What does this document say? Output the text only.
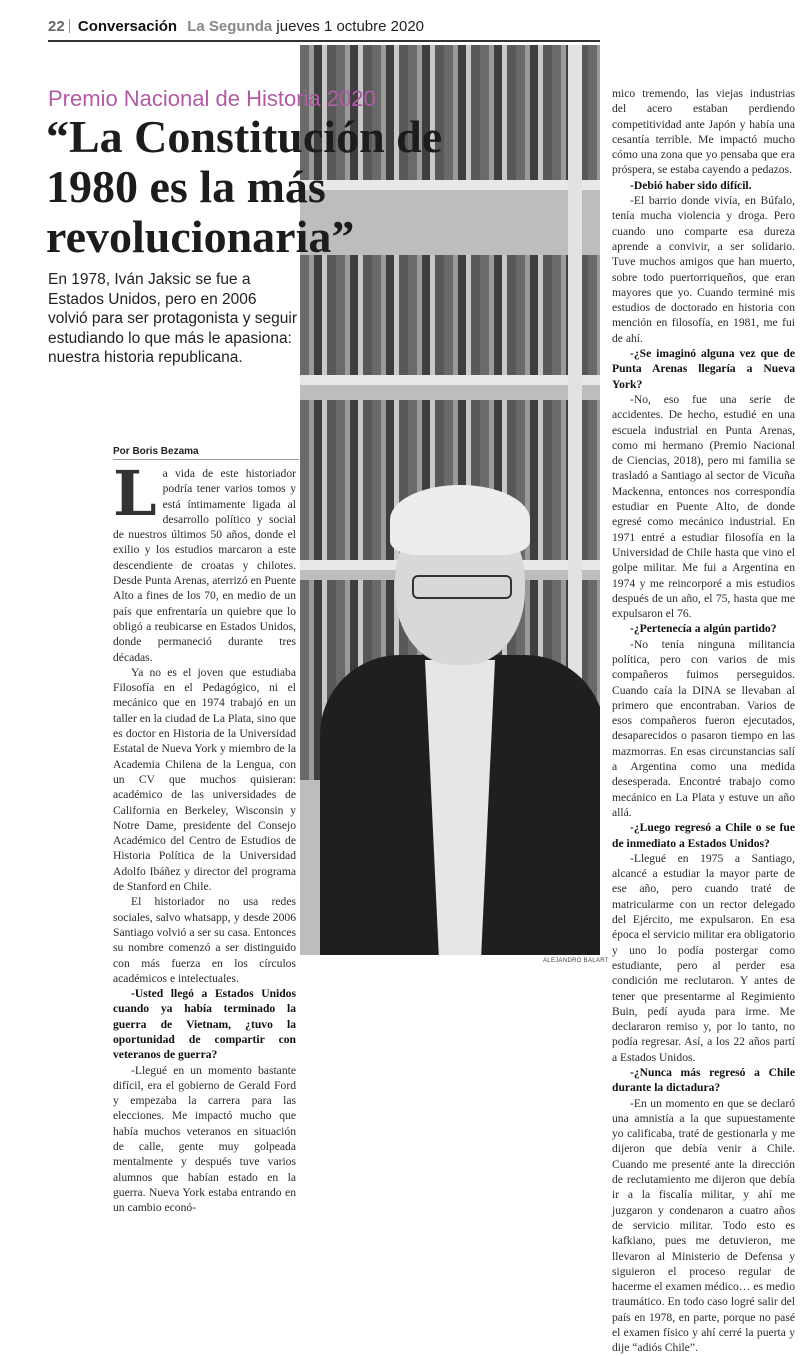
22 Conversación La Segunda jueves 1 octubre 2020
ALEJANDRO BALART
Premio Nacional de Historia 2020
“La Constitución de 1980 es la más revolucionaria”
En 1978, Iván Jaksic se fue a Estados Unidos, pero en 2006 volvió para ser protagonista y seguir estudiando lo que más le apasiona: nuestra historia republicana.
Por Boris Bezama
L a vida de este historiador podría tener varios tomos y está íntimamente ligada al desarrollo político y social de nuestros últimos 50 años, donde el exilio y los estudios marcaron a este descendiente de croatas y chilotes. Desde Punta Arenas, aterrizó en Puente Alto a fines de los 70, en medio de un país que enfrentaría un quiebre que lo obligó a reubicarse en Estados Unidos, donde permaneció durante tres décadas.

Ya no es el joven que estudiaba Filosofía en el Pedagógico, ni el mecánico que en 1974 trabajó en un taller en la ciudad de La Plata, sino que es doctor en Historia de la Universidad Estatal de Nueva York y miembro de la Academia Chilena de la Lengua, con un CV que muchos quisieran: académico de las universidades de California en Berkeley, Wisconsin y Notre Dame, presidente del Consejo Académico del Centro de Estudios de Historia Política de la Universidad Adolfo Ibáñez y director del programa de Stanford en Chile.

El historiador no usa redes sociales, salvo whatsapp, y desde 2006 Santiago volvió a ser su casa. Entonces su nombre comenzó a ser distinguido con más fuerza en los círculos académicos e intelectuales.

-Usted llegó a Estados Unidos cuando ya había terminado la guerra de Vietnam, ¿tuvo la oportunidad de compartir con veteranos de guerra?

-Llegué en un momento bastante difícil, era el gobierno de Gerald Ford y empezaba la carrera para las elecciones. Me impactó mucho que había muchos veteranos en situación de calle, gente muy golpeada mentalmente y después tuve varios alumnos que habían estado en la guerra. Nueva York estaba entrando en un cambio econó-

mico tremendo, las viejas industrias del acero estaban perdiendo competitividad ante Japón y había una cesantía terrible. Me impactó mucho cómo una zona que yo pensaba que era próspera, se estaba cayendo a pedazos.

-Debió haber sido difícil.

-El barrio donde vivía, en Búfalo, tenía mucha violencia y droga. Pero cuando uno comparte esa dureza aprende a convivir, a ser solidario. Tuve muchos amigos que han muerto, sobre todo puertorriqueños, que eran mayores que yo. Cuando terminé mis estudios de doctorado en historia con mención en filosofía, en 1981, me fui de ahí.

-¿Se imaginó alguna vez que de Punta Arenas llegaría a Nueva York?

-No, eso fue una serie de accidentes. De hecho, estudié en una escuela industrial en Punta Arenas, como mi hermano (Premio Nacional de Ciencias, 2018), pero mi familia se trasladó a Santiago al sector de Vicuña Mackenna, entonces nos correspondía estudiar en Puente Alto, de donde egresé como mecánico industrial. En 1971 entré a estudiar filosofía en la Universidad de Chile hasta que vino el golpe militar. Me fui a Argentina en 1974 y me reincorporé a mis estudios después de un año, el 75, hasta que me expulsaron el 76.

-¿Pertenecía a algún partido?

-No tenía ninguna militancia política, pero con varios de mis compañeros fuimos perseguidos. Cuando caía la DINA se llevaban al primero que encontraban. Varios de esos compañeros fueron ejecutados, desaparecidos o pasaron tiempo en las mazmorras. En esas circunstancias salí a Argentina como una medida desesperada. Encontré trabajo como mecánico en La Plata y estuve un año allá.

-¿Luego regresó a Chile o se fue de inmediato a Estados Unidos?

-Llegué en 1975 a Santiago, alcancé a estudiar la mayor parte de ese año, pero cuando traté de matricularme con un rector delegado del Ejército, me expulsaron. En esa época el servicio militar era obligatorio y uno lo podía postergar como estudiante, pero al perder esa condición me reclutaron. Y antes de tener que presentarme al Regimiento Buin, pedí ayuda para irme. Me declararon remiso y, por lo tanto, no podía regresar. Así, a los 22 años partí a Estados Unidos.

-¿Nunca más regresó a Chile durante la dictadura?

-En un momento en que se declaró una amnistía a la que supuestamente yo calificaba, traté de gestionarla y me dijeron que debía venir a Chile. Cuando me presenté ante la dirección de reclutamiento me dijeron que debía ir a la fiscalía militar, y ahí me juzgaron y condenaron a cuatro años de servicio militar. Todo esto es kafkiano, pues me detuvieron, me llevaron al Ministerio de Defensa y siguieron el proceso regular de hacerme el examen médico… es medio traumático. En todo caso logré salir del país en 1978, en parte, porque no pasé el examen físico y ahí cerré la puerta y dije “adiós Chile”.
